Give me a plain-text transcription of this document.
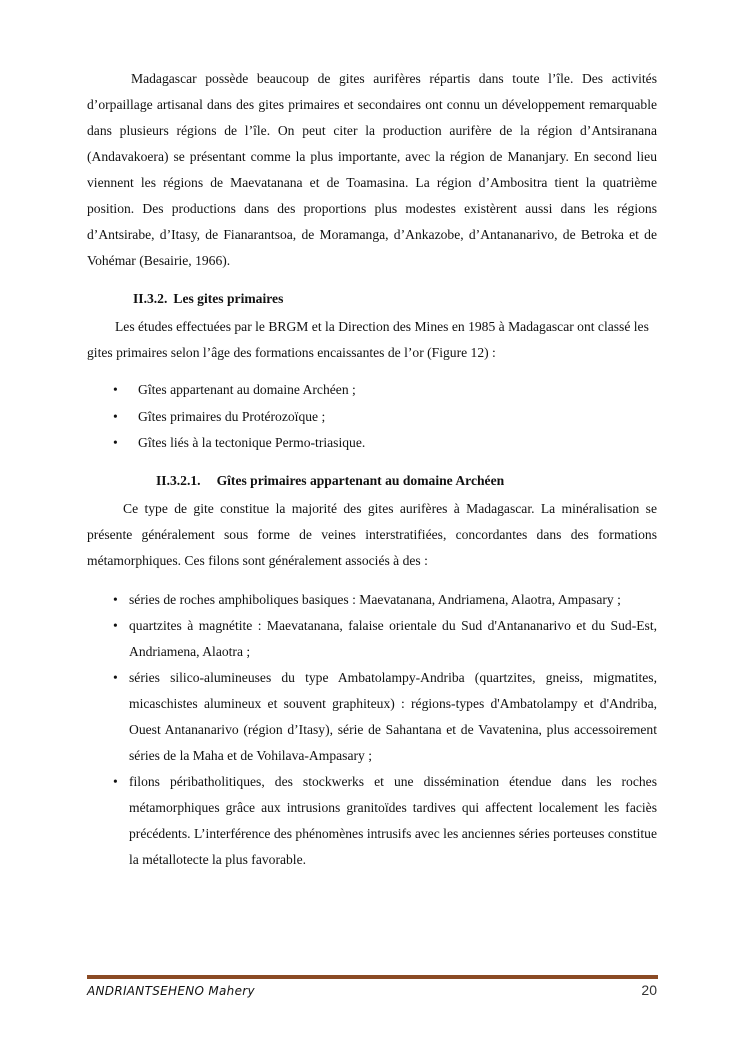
Madagascar possède beaucoup de gites aurifères répartis dans toute l’île. Des activités d’orpaillage artisanal dans des gites primaires et secondaires ont connu un développement remarquable dans plusieurs régions de l’île. On peut citer la production aurifère de la région d’Antsiranana (Andavakoera) se présentant comme la plus importante, avec la région de Mananjary. En second lieu viennent les régions de Maevatanana et de Toamasina. La région d’Ambositra tient la quatrième position. Des productions dans des proportions plus modestes existèrent aussi dans les régions d’Antsirabe, d’Itasy, de Fianarantsoa, de Moramanga, d’Ankazobe, d’Antananarivo, de Betroka et de Vohémar (Besairie, 1966).

II.3.2. Les gites primaires

Les études effectuées par le BRGM et la Direction des Mines en 1985 à Madagascar ont classé les gites primaires selon l’âge des formations encaissantes de l’or (Figure 12) :

• Gîtes appartenant au domaine Archéen ;
• Gîtes primaires du Protérozoïque ;
• Gîtes liés à la tectonique Permo-triasique.
II.3.2.1. Gîtes primaires appartenant au domaine Archéen

Ce type de gite constitue la majorité des gites aurifères à Madagascar. La minéralisation se présente généralement sous forme de veines interstratifiées, concordantes dans des formations métamorphiques. Ces filons sont généralement associés à des :

• séries de roches amphiboliques basiques : Maevatanana, Andriamena, Alaotra, Ampasary ;
• quartzites à magnétite : Maevatanana, falaise orientale du Sud d'Antananarivo et du Sud-Est, Andriamena, Alaotra ;
• séries silico-alumineuses du type Ambatolampy-Andriba (quartzites, gneiss, migmatites, micaschistes alumineux et souvent graphiteux) : régions-types d'Ambatolampy et d'Andriba, Ouest Antananarivo (région d’Itasy), série de Sahantana et de Vavatenina, plus accessoirement séries de la Maha et de Vohilava-Ampasary ;
• filons péribatholitiques, des stockwerks et une dissémination étendue dans les roches métamorphiques grâce aux intrusions granitoïdes tardives qui affectent localement les faciès précédents. L’interférence des phénomènes intrusifs avec les anciennes séries porteuses constitue la métallotecte la plus favorable.
ANDRIANTSEHENO Mahery	20
